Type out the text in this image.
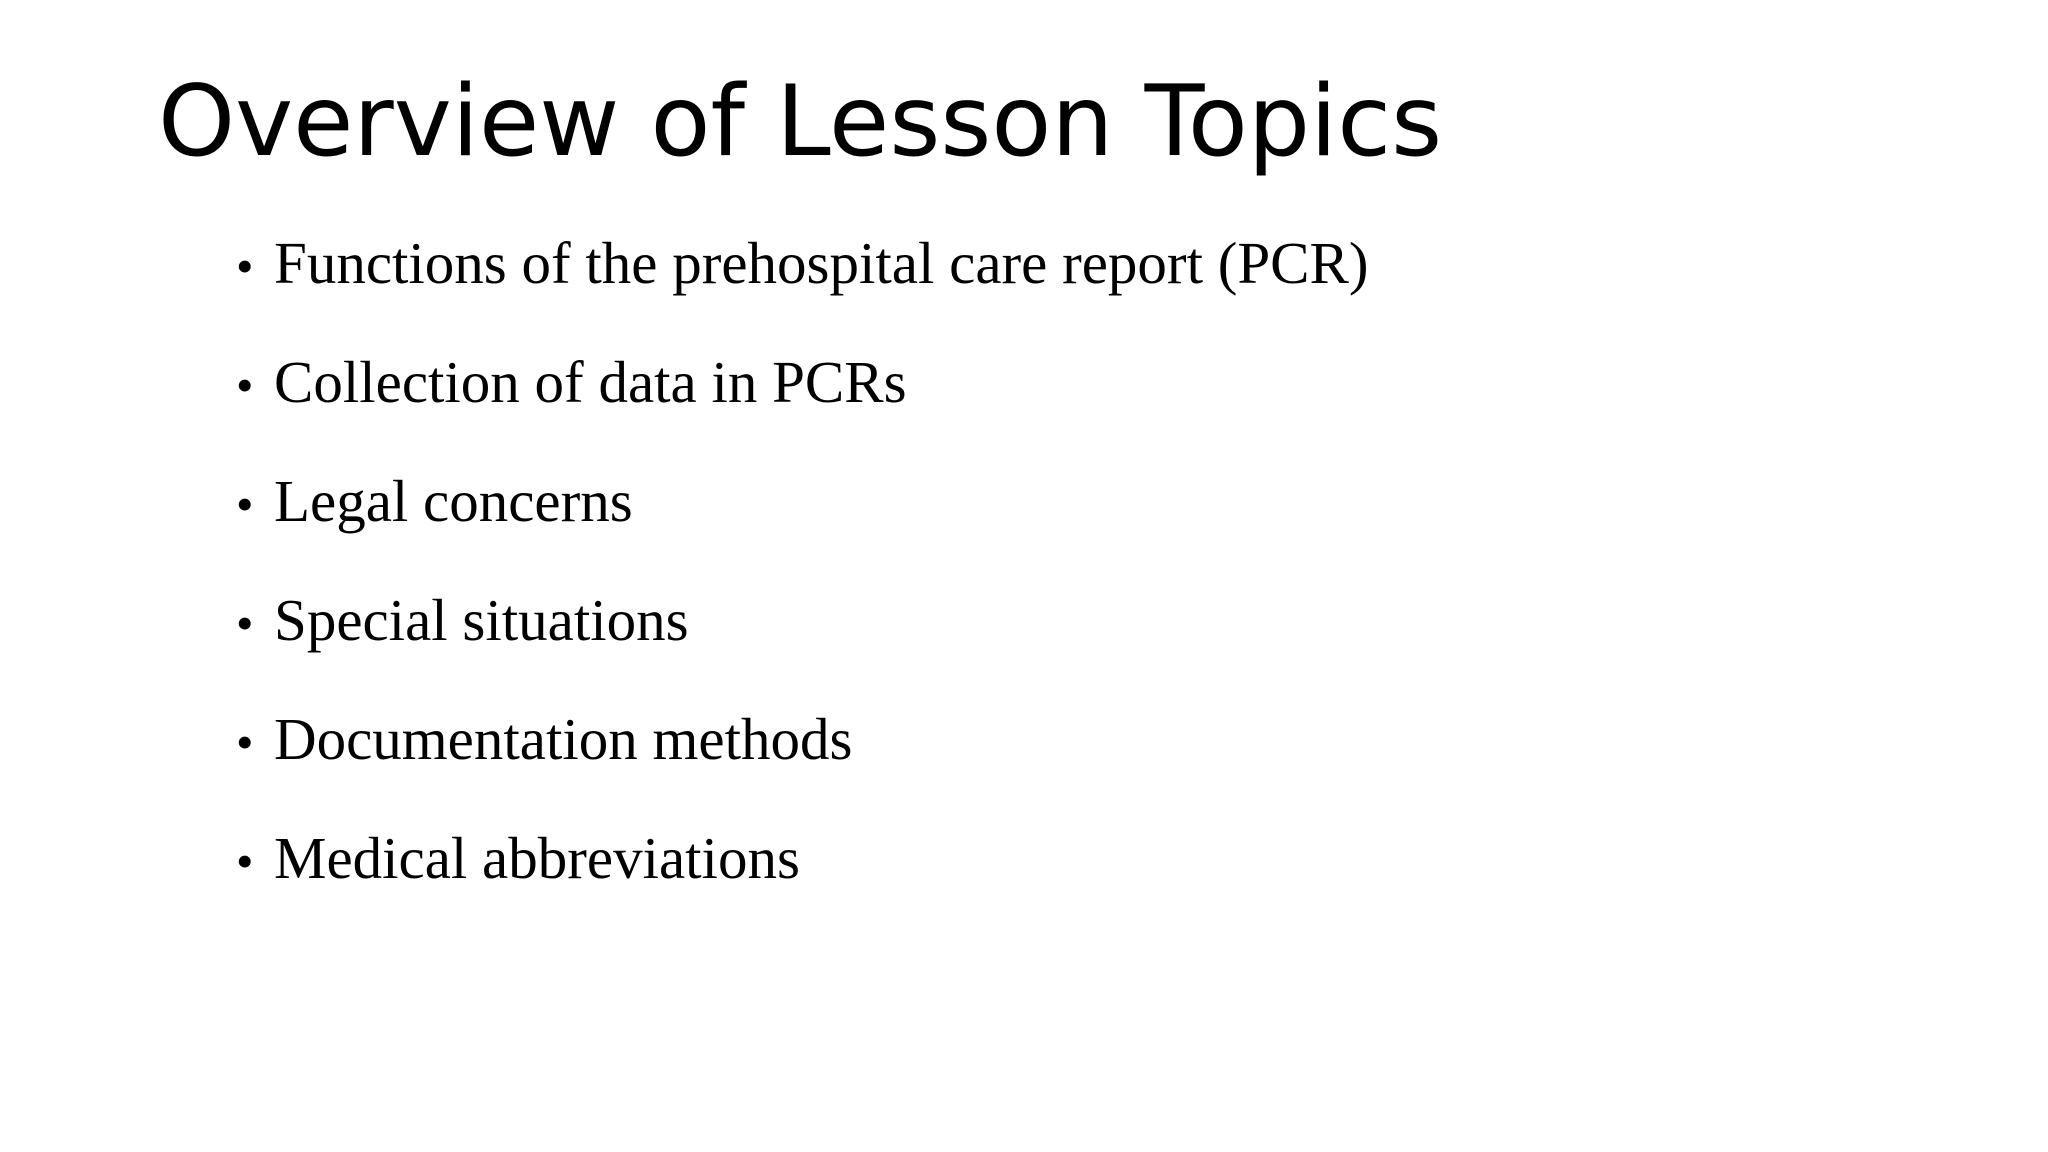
Overview of Lesson Topics
• Functions of the prehospital care report (PCR)
• Collection of data in PCRs
• Legal concerns
• Special situations
• Documentation methods
• Medical abbreviations
